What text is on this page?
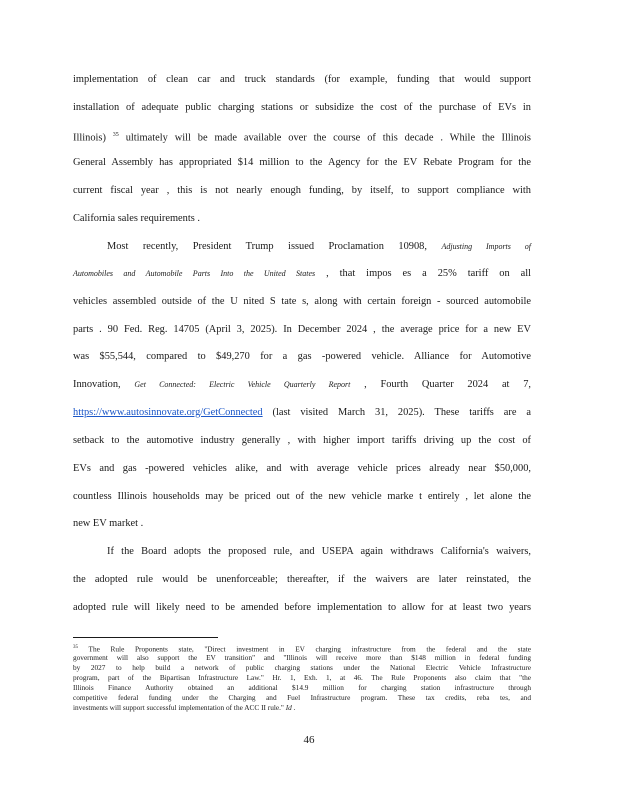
implementation of clean car and truck standards (for example, funding that would support
installation of adequate public charging stations or subsidize the cost of the purchase of EVs in
Illinois) $^{35}$ ultimately will be made available over the course of this decade . While the Illinois
General Assembly has appropriated $14 million to the Agency for the EV Rebate Program for the
current fiscal year , this is not nearly enough funding, by itself, to support compliance with
California sales requirements .
Most recently, President Trump issued Proclamation 10908, Adjusting Imports of
Automobiles and Automobile Parts Into the United States , that impos es a 25% tariff on all
vehicles assembled outside of the U nited S tate s, along with certain foreign - sourced automobile
parts . 90 Fed. Reg. 14705 (April 3, 2025). In December 2024 , the average price for a new EV
was $55,544, compared to $49,270 for a gas -powered vehicle. Alliance for Automotive
Innovation, Get Connected: Electric Vehicle Quarterly Report , Fourth Quarter 2024 at 7,
https://www.autosinnovate.org/GetConnected (last visited March 31, 2025). These tariffs are a
setback to the automotive industry generally , with higher import tariffs driving up the cost of
EVs and gas -powered vehicles alike, and with average vehicle prices already near $50,000,
countless Illinois households may be priced out of the new vehicle marke t entirely , let alone the
new EV market .
If the Board adopts the proposed rule, and USEPA again withdraws California's waivers,
the adopted rule would be unenforceable; thereafter, if the waivers are later reinstated, the
adopted rule will likely need to be amended before implementation to allow for at least two years
$^{35}$ The Rule Proponents state, "Direct investment in EV charging infrastructure from the federal and the state
government will also support the EV transition" and "Illinois will receive more than $148 million in federal funding
by 2027 to help build a network of public charging stations under the National Electric Vehicle Infrastructure
program, part of the Bipartisan Infrastructure Law." Hr. 1, Exh. 1, at 46. The Rule Proponents also claim that "the
Illinois Finance Authority obtained an additional $14.9 million for charging station infrastructure through
competitive federal funding under the Charging and Fuel Infrastructure program. These tax credits, reba tes, and
investments will support successful implementation of the ACC II rule." Id .
46
